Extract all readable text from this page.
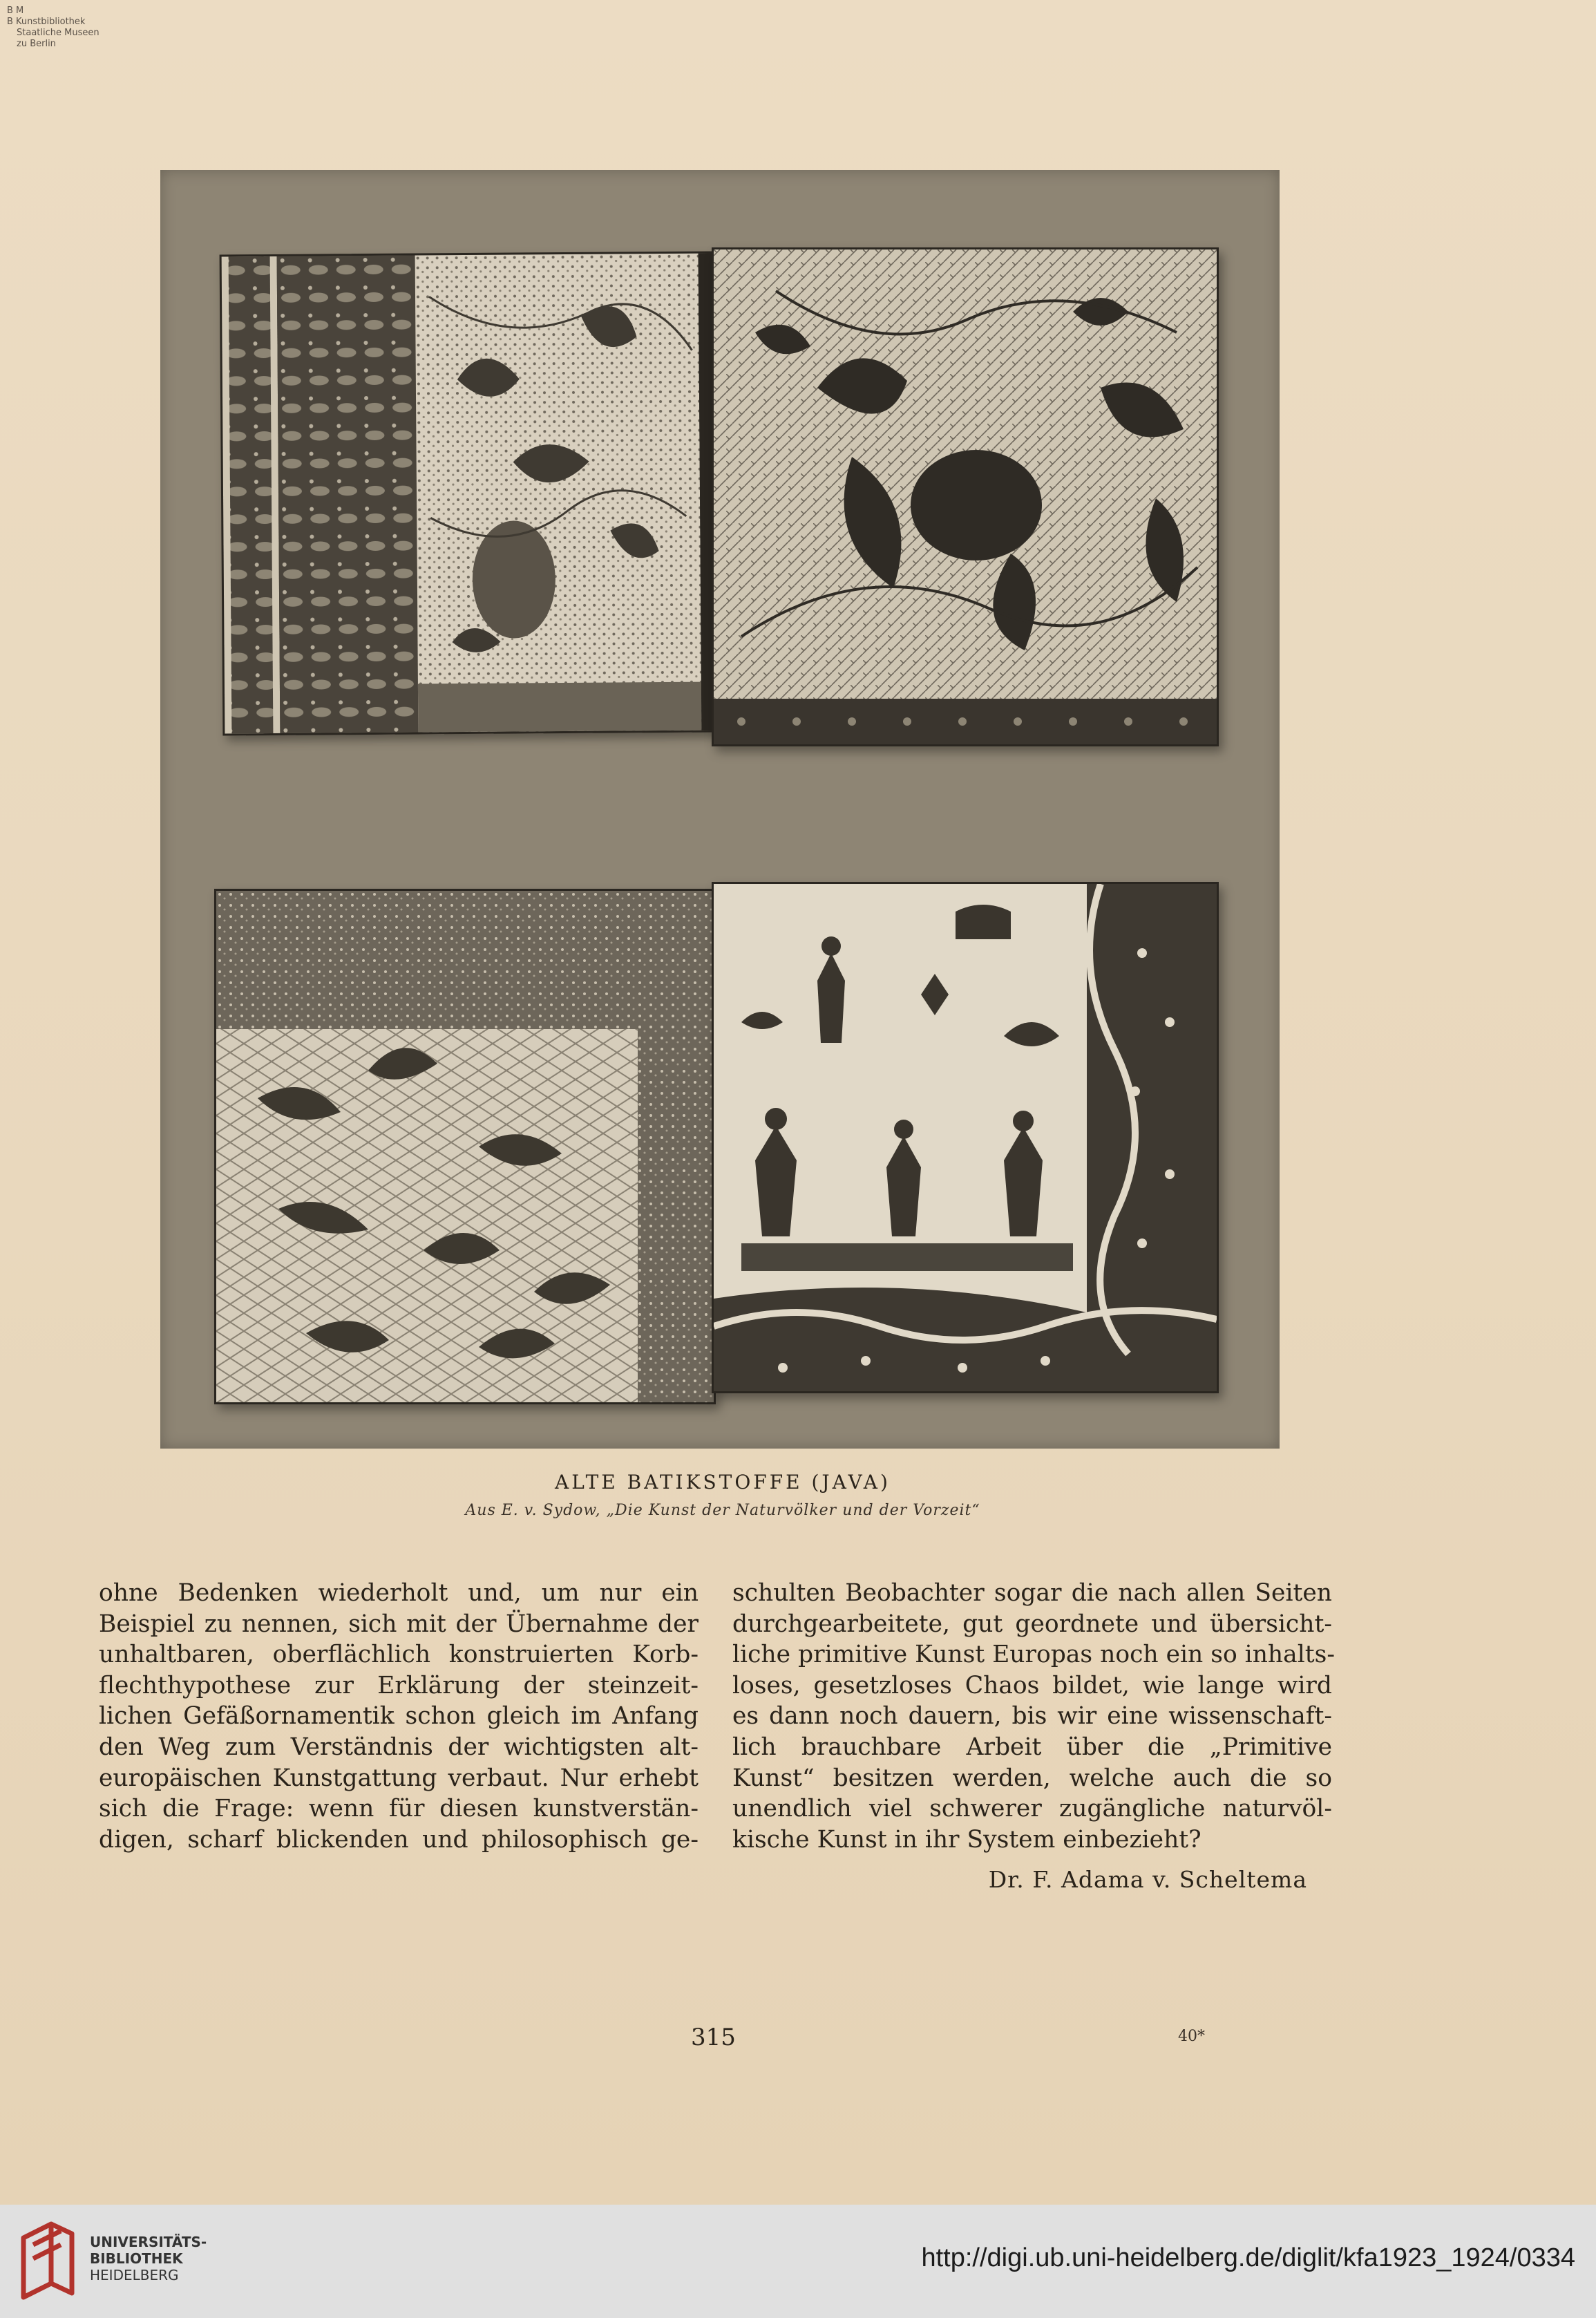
B M
B Kunstbibliothek
Staatliche Museen
zu Berlin
ALTE BATIKSTOFFE (JAVA)
Aus E. v. Sydow, „Die Kunst der Naturvölker und der Vorzeit“
ohne Bedenken wiederholt und, um nur ein
Beispiel zu nennen, sich mit der Übernahme der
unhaltbaren, oberflächlich konstruierten Korb-
flechthypothese zur Erklärung der steinzeit-
lichen Gefäßornamentik schon gleich im Anfang
den Weg zum Verständnis der wichtigsten alt-
europäischen Kunstgattung verbaut. Nur erhebt
sich die Frage: wenn für diesen kunstverstän-
digen, scharf blickenden und philosophisch ge-
schulten Beobachter sogar die nach allen Seiten
durchgearbeitete, gut geordnete und übersicht-
liche primitive Kunst Europas noch ein so inhalts-
loses, gesetzloses Chaos bildet, wie lange wird
es dann noch dauern, bis wir eine wissenschaft-
lich brauchbare Arbeit über die „Primitive
Kunst“ besitzen werden, welche auch die so
unendlich viel schwerer zugängliche naturvöl-
kische Kunst in ihr System einbezieht?
Dr. F. Adama v. Scheltema
315	40*
UNIVERSITÄTS-
BIBLIOTHEK
HEIDELBERG
http://digi.ub.uni-heidelberg.de/diglit/kfa1923_1924/0334
